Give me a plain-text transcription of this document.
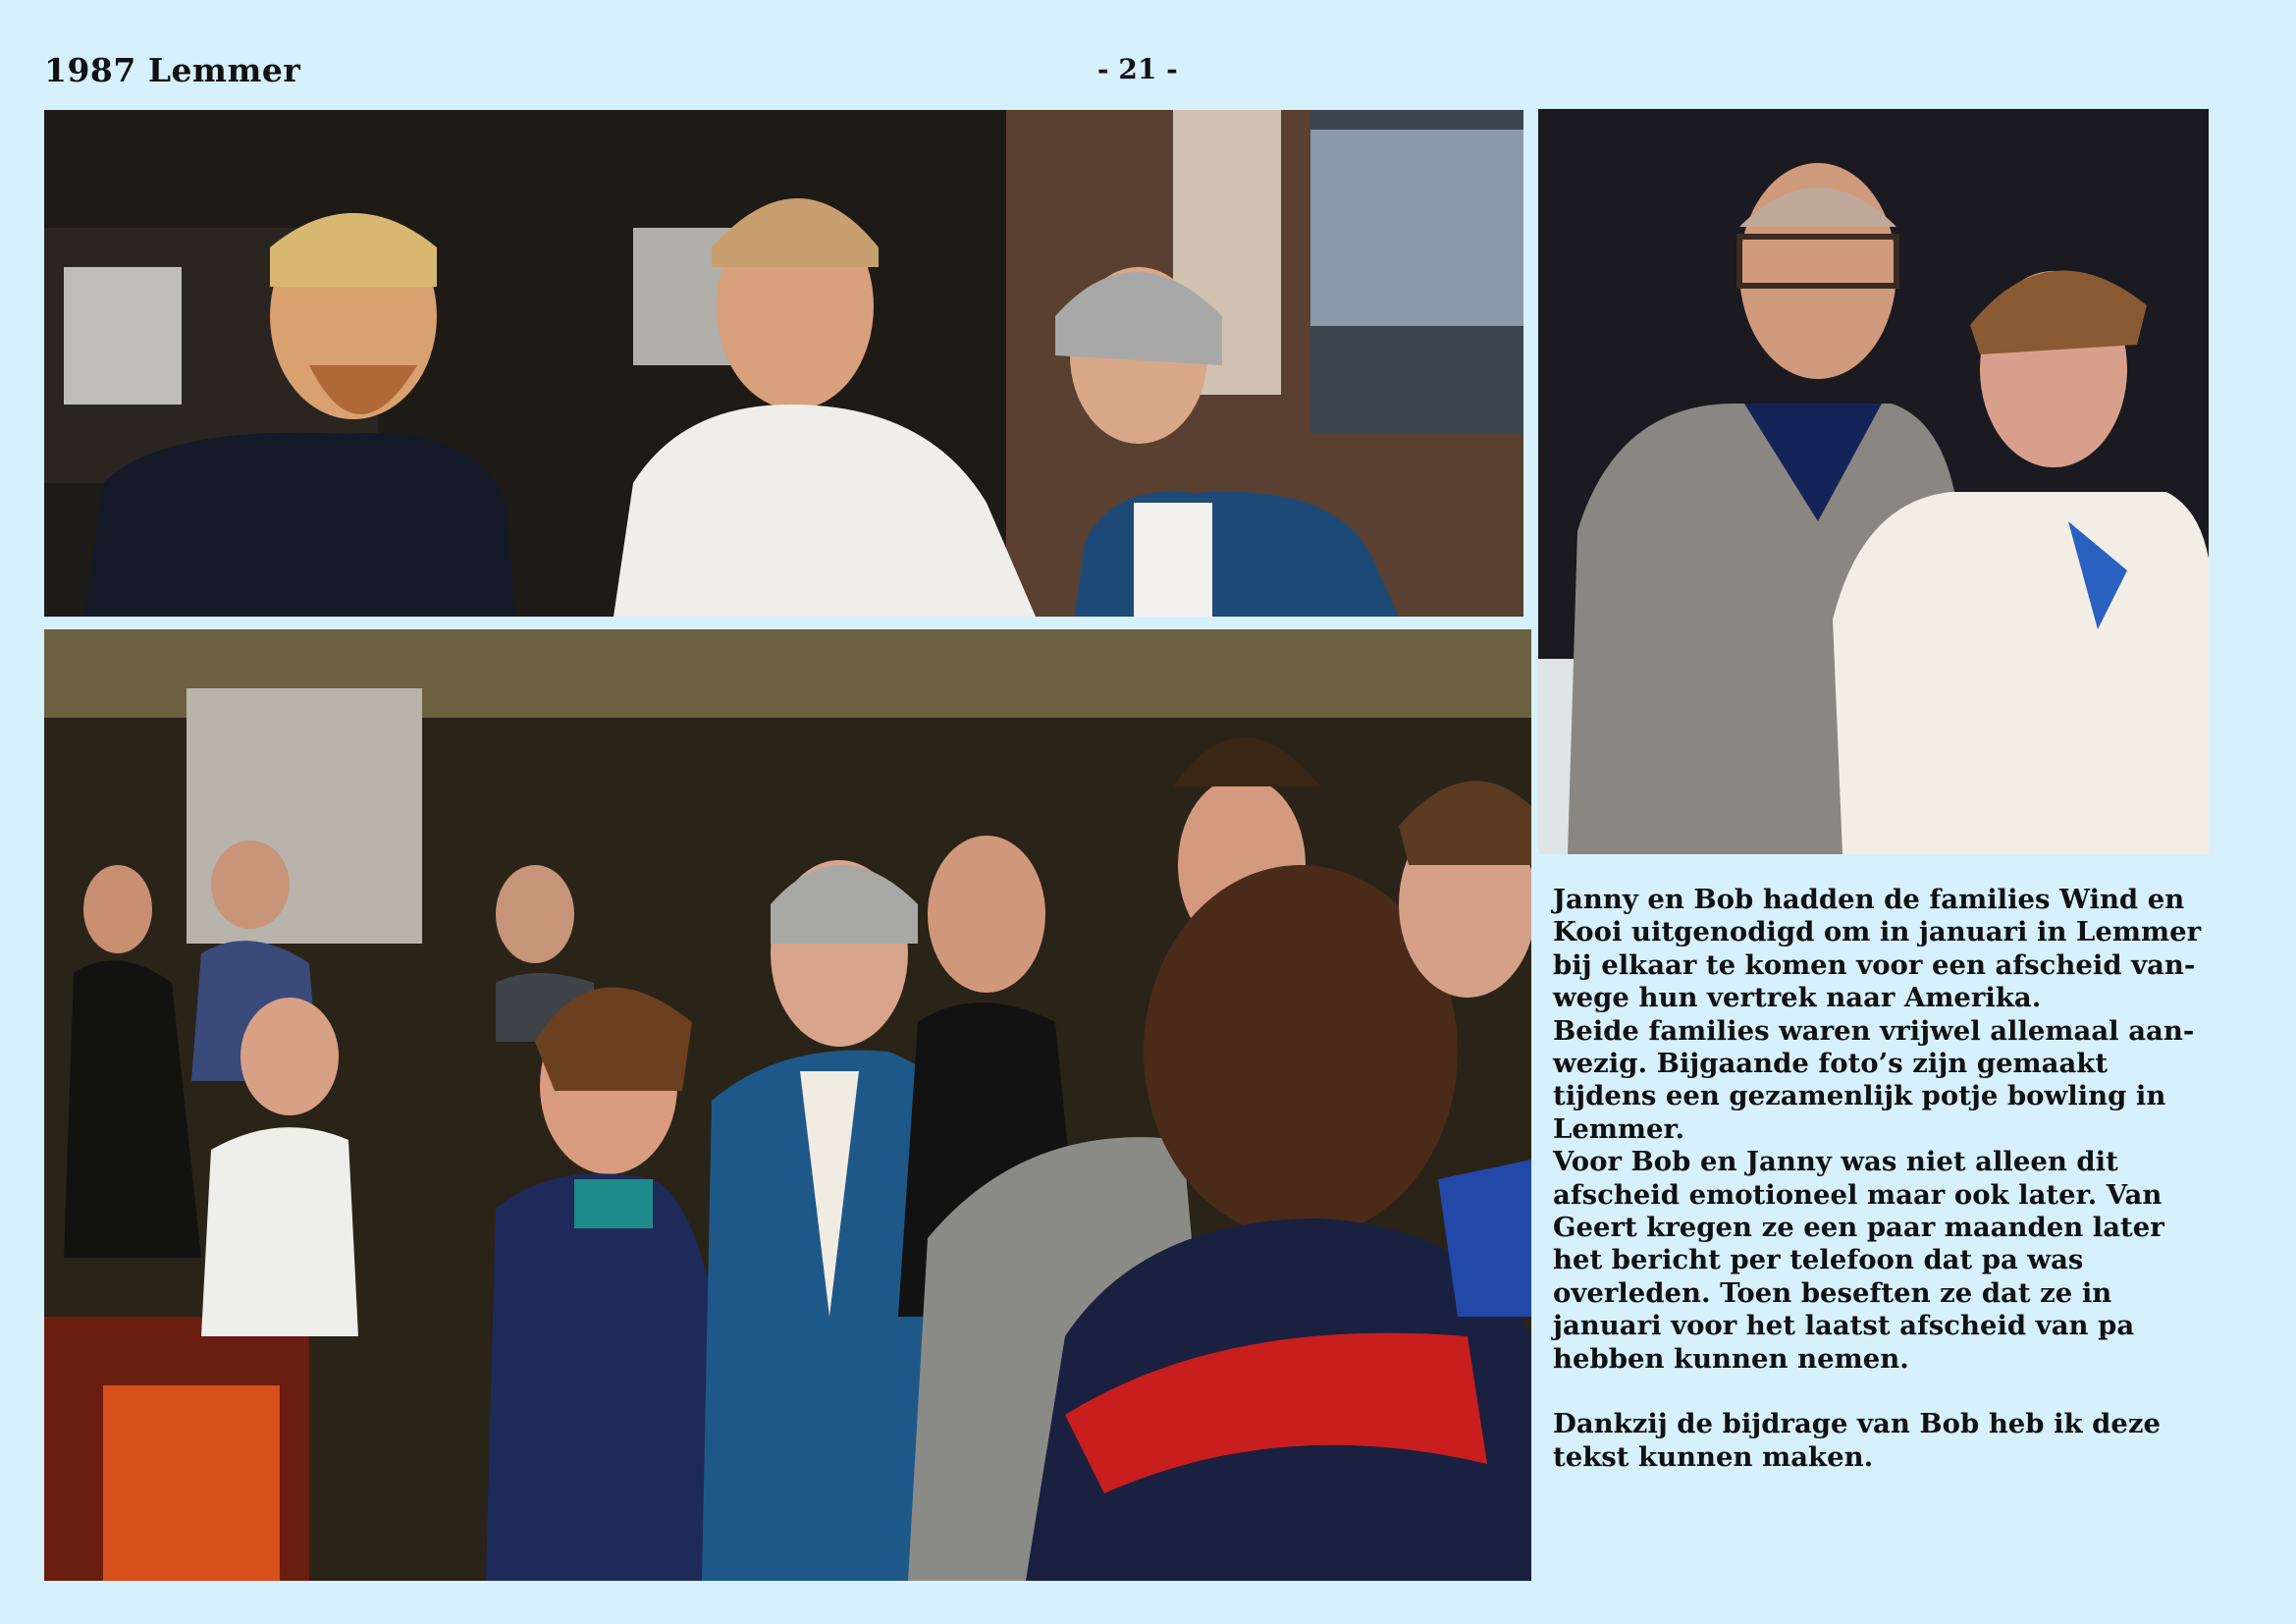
1987 Lemmer	- 21 -

Janny en Bob hadden de families Wind en
Kooi uitgenodigd om in januari in Lemmer
bij elkaar te komen voor een afscheid van-
wege hun vertrek naar Amerika.
Beide families waren vrijwel allemaal aan-
wezig. Bijgaande foto’s zijn gemaakt
tijdens een gezamenlijk potje bowling in
Lemmer.
Voor Bob en Janny was niet alleen dit
afscheid emotioneel maar ook later. Van
Geert kregen ze een paar maanden later
het bericht per telefoon dat pa was
overleden. Toen beseften ze dat ze in
januari voor het laatst afscheid van pa
hebben kunnen nemen.

Dankzij de bijdrage van Bob heb ik deze
tekst kunnen maken.
